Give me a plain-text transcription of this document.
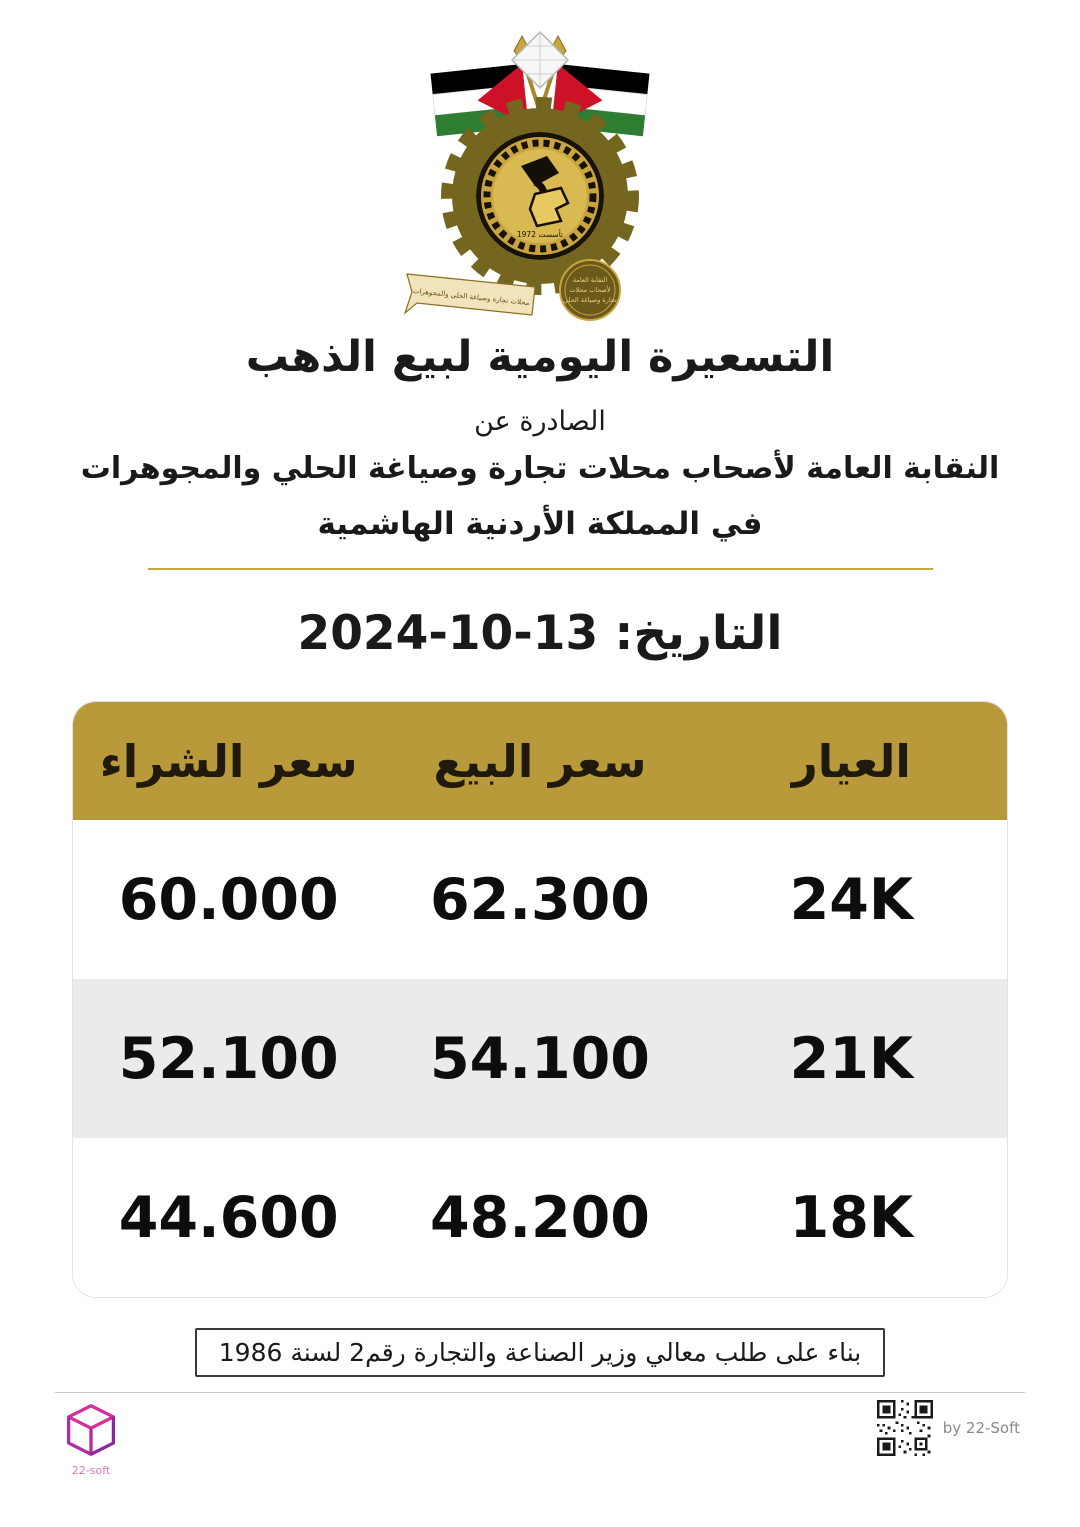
تأسست 1972
محلات تجارة وصياغة الحلي والمجوهرات
النقابة العامة
لأصحاب محلات
تجارة وصياغة الحلي
التسعيرة اليومية لبيع الذهب
الصادرة عن
النقابة العامة لأصحاب محلات تجارة وصياغة الحلي والمجوهرات
في المملكة الأردنية الهاشمية
التاريخ: 13-10-2024
العيار
سعر البيع
سعر الشراء
24K
62.300
60.000
21K
54.100
52.100
18K
48.200
44.600
بناء على طلب معالي وزير الصناعة والتجارة رقم2 لسنة 1986
22-soft
by 22-Soft
